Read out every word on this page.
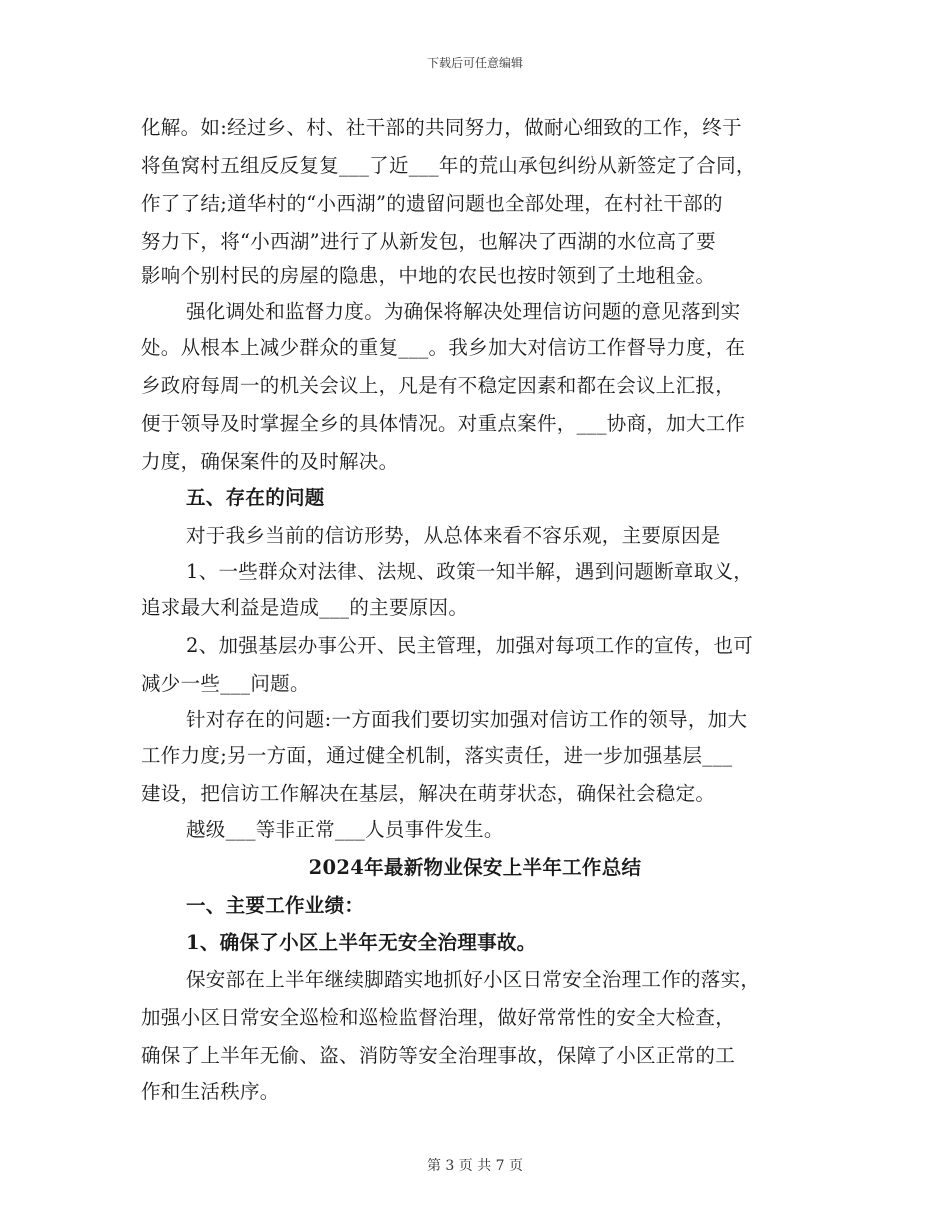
下载后可任意编辑
化解。如:经过乡、村、社干部的共同努力，做耐心细致的工作，终于
将鱼窝村五组反反复复___了近___年的荒山承包纠纷从新签定了合同，
作了了结;道华村的“小西湖”的遗留问题也全部处理，在村社干部的
努力下，将“小西湖”进行了从新发包，也解决了西湖的水位高了要
影响个别村民的房屋的隐患，中地的农民也按时领到了土地租金。
强化调处和监督力度。为确保将解决处理信访问题的意见落到实
处。从根本上减少群众的重复___。我乡加大对信访工作督导力度，在
乡政府每周一的机关会议上，凡是有不稳定因素和都在会议上汇报，
便于领导及时掌握全乡的具体情况。对重点案件，___协商，加大工作
力度，确保案件的及时解决。
五、存在的问题
对于我乡当前的信访形势，从总体来看不容乐观，主要原因是
1、一些群众对法律、法规、政策一知半解，遇到问题断章取义，
追求最大利益是造成___的主要原因。
2、加强基层办事公开、民主管理，加强对每项工作的宣传，也可
减少一些___问题。
针对存在的问题:一方面我们要切实加强对信访工作的领导，加大
工作力度;另一方面，通过健全机制，落实责任，进一步加强基层___
建设，把信访工作解决在基层，解决在萌芽状态，确保社会稳定。
越级___等非正常___人员事件发生。
2024年最新物业保安上半年工作总结
一、主要工作业绩：
1、确保了小区上半年无安全治理事故。
保安部在上半年继续脚踏实地抓好小区日常安全治理工作的落实，
加强小区日常安全巡检和巡检监督治理，做好常常性的安全大检查，
确保了上半年无偷、盗、消防等安全治理事故，保障了小区正常的工
作和生活秩序。
第 3 页 共 7 页
